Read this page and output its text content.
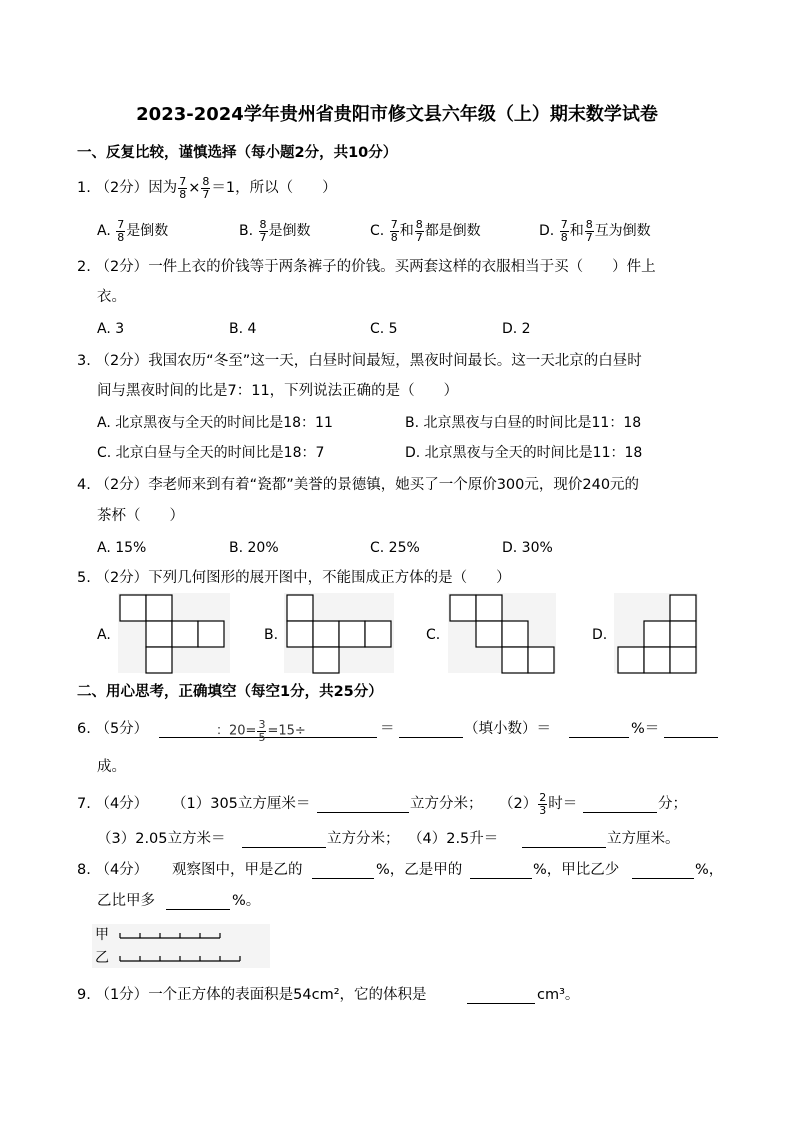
2023-2024学年贵州省贵阳市修文县六年级（上）期末数学试卷
一、反复比较，谨慎选择（每小题2分，共10分）
1. （2分）因为 $\frac{7}{8} \times \frac{8}{7} =1$，所以（　　）
A. $\frac{7}{8}$ 是倒数	B. $\frac{8}{7}$ 是倒数	C. $\frac{7}{8}$ 和 $\frac{8}{7}$ 都是倒数	D. $\frac{7}{8}$ 和 $\frac{8}{7}$ 互为倒数
2. （2分）一件上衣的价钱等于两条裤子的价钱。买两套这样的衣服相当于买（　　）件上
衣。
A. 3	B. 4	C. 5	D. 2
3. （2分）我国农历“冬至”这一天，白昼时间最短，黑夜时间最长。这一天北京的白昼时
间与黑夜时间的比是7：11，下列说法正确的是（　　）
A. 北京黑夜与全天的时间比是18：11	B. 北京黑夜与白昼的时间比是11：18
C. 北京白昼与全天的时间比是18：7	D. 北京黑夜与全天的时间比是11：18
4. （2分）李老师来到有着“瓷都”美誉的景德镇，她买了一个原价300元，现价240元的
茶杯（　　）
A. 15%	B. 20%	C. 25%	D. 30%
5. （2分）下列几何图形的展开图中，不能围成正方体的是（　　）
A.	B.	C.	D.
二、用心思考，正确填空（每空1分，共25分）
6. （5分）	：$20= \frac{3}{5} =15\div$	＝	（填小数）＝	%＝
成。
7. （4分） （1）305立方厘米＝	立方分米； $(2) \frac{2}{3}$ 时＝	分；
（3）2.05立方米＝	立方分米； （4）2.5升＝	立方厘米。
8. （4分） 观察图中，甲是乙的	%，乙是甲的	%，甲比乙少	%，
乙比甲多	%。
甲
乙
9. （1分）一个正方体的表面积是54cm²，它的体积是	cm³。
